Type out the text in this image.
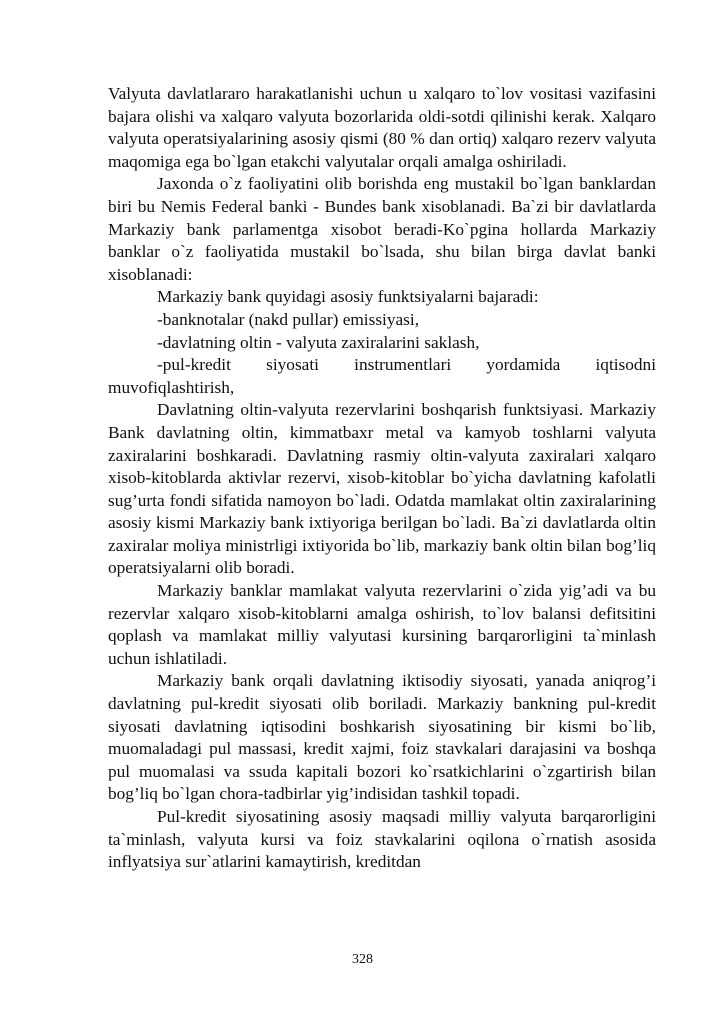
Valyuta davlatlararo harakatlanishi uchun u xalqaro to`lov vositasi vazifasini bajara olishi va xalqaro valyuta bozorlarida oldi-sotdi qilinishi kerak. Xalqaro valyuta operatsiyalarining asosiy qismi (80 % dan ortiq) xalqaro rezerv valyuta maqomiga ega bo`lgan etakchi valyutalar orqali amalga oshiriladi.

Jaxonda o`z faoliyatini olib borishda eng mustakil bo`lgan banklardan biri bu Nemis Federal banki - Bundes bank xisoblanadi. Ba`zi bir davlatlarda Markaziy bank parlamentga xisobot beradi-Ko`pgina hollarda Markaziy banklar o`z faoliyatida mustakil bo`lsada, shu bilan birga davlat banki xisoblanadi:

Markaziy bank quyidagi asosiy funktsiyalarni bajaradi:

-banknotalar (nakd pullar) emissiyasi,

-davlatning oltin - valyuta zaxiralarini saklash,

-pul-kredit siyosati instrumentlari yordamida iqtisodni muvofiqlashtirish,

Davlatning oltin-valyuta rezervlarini boshqarish funktsiyasi. Markaziy Bank davlatning oltin, kimmatbaxr metal va kamyob toshlarni valyuta zaxiralarini boshkaradi. Davlatning rasmiy oltin-valyuta zaxiralari xalqaro xisob-kitoblarda aktivlar rezervi, xisob-kitoblar bo`yicha davlatning kafolatli sug’urta fondi sifatida namoyon bo`ladi. Odatda mamlakat oltin zaxiralarining asosiy kismi Markaziy bank ixtiyoriga berilgan bo`ladi. Ba`zi davlatlarda oltin zaxiralar moliya ministrligi ixtiyorida bo`lib, markaziy bank oltin bilan bog’liq operatsiyalarni olib boradi.

Markaziy banklar mamlakat valyuta rezervlarini o`zida yig’adi va bu rezervlar xalqaro xisob-kitoblarni amalga oshirish, to`lov balansi defitsitini qoplash va mamlakat milliy valyutasi kursining barqarorligini ta`minlash uchun ishlatiladi.

Markaziy bank orqali davlatning iktisodiy siyosati, yanada aniqrog’i davlatning pul-kredit siyosati olib boriladi. Markaziy bankning pul-kredit siyosati davlatning iqtisodini boshkarish siyosatining bir kismi bo`lib, muomaladagi pul massasi, kredit xajmi, foiz stavkalari darajasini va boshqa pul muomalasi va ssuda kapitali bozori ko`rsatkichlarini o`zgartirish bilan bog’liq bo`lgan chora-tadbirlar yig’indisidan tashkil topadi.

Pul-kredit siyosatining asosiy maqsadi milliy valyuta barqarorligini ta`minlash, valyuta kursi va foiz stavkalarini oqilona o`rnatish asosida inflyatsiya sur`atlarini kamaytirish, kreditdan

328
